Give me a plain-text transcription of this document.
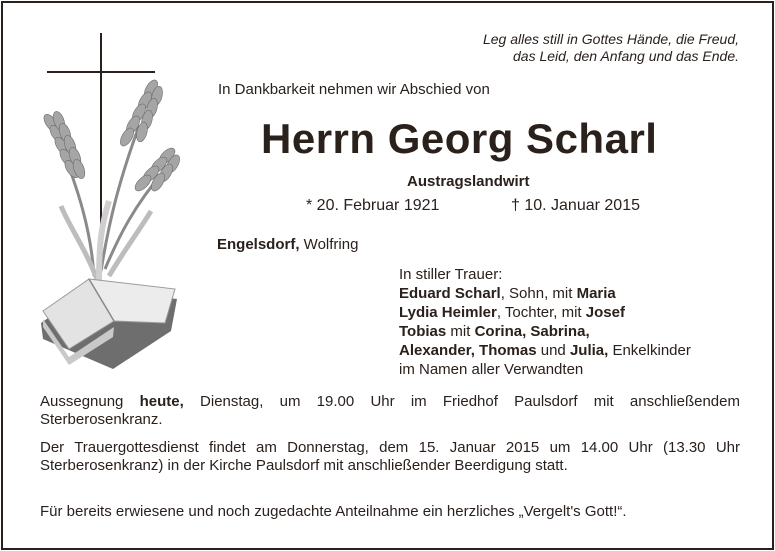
Leg alles still in Gottes Hände, die Freud,
das Leid, den Anfang und das Ende.
In Dankbarkeit nehmen wir Abschied von
Herrn Georg Scharl
Austragslandwirt
* 20. Februar 1921	† 10. Januar 2015
Engelsdorf, Wolfring
In stiller Trauer:
Eduard Scharl, Sohn, mit Maria
Lydia Heimler, Tochter, mit Josef
Tobias mit Corina, Sabrina,
Alexander, Thomas und Julia, Enkelkinder
im Namen aller Verwandten
Aussegnung heute, Dienstag, um 19.00 Uhr im Friedhof Paulsdorf mit anschließendem Sterberosenkranz.
Der Trauergottesdienst findet am Donnerstag, dem 15. Januar 2015 um 14.00 Uhr (13.30 Uhr Sterberosenkranz) in der Kirche Paulsdorf mit anschließender Beerdigung statt.
Für bereits erwiesene und noch zugedachte Anteilnahme ein herzliches „Vergelt's Gott!“.
